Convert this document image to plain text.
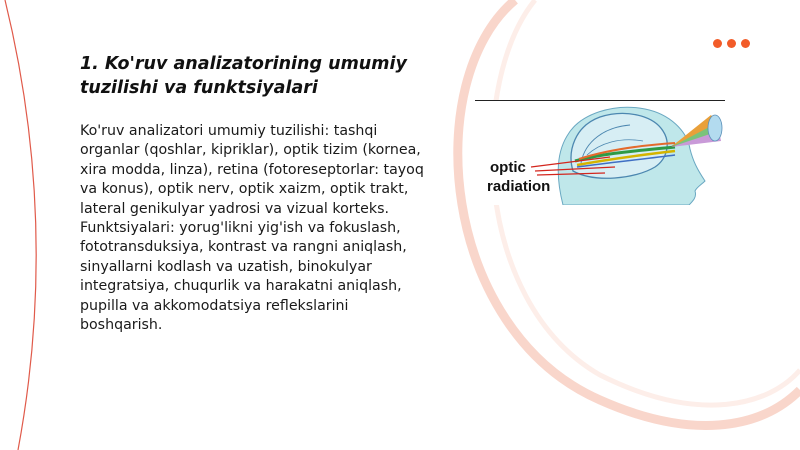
1. Ko'ruv analizatorining umumiy tuzilishi va funktsiyalari

Ko'ruv analizatori umumiy tuzilishi: tashqi organlar (qoshlar, kipriklar), optik tizim (kornea, xira modda, linza), retina (fotoreseptorlar: tayoq va konus), optik nerv, optik xaizm, optik trakt, lateral genikulyar yadrosi va vizual korteks. Funktsiyalari: yorug'likni yig'ish va fokuslash, fototransduksiya, kontrast va rangni aniqlash, sinyallarni kodlash va uzatish, binokulyar integratsiya, chuqurlik va harakatni aniqlash, pupilla va akkomodatsiya reflekslarini boshqarish.

optic
radiation
